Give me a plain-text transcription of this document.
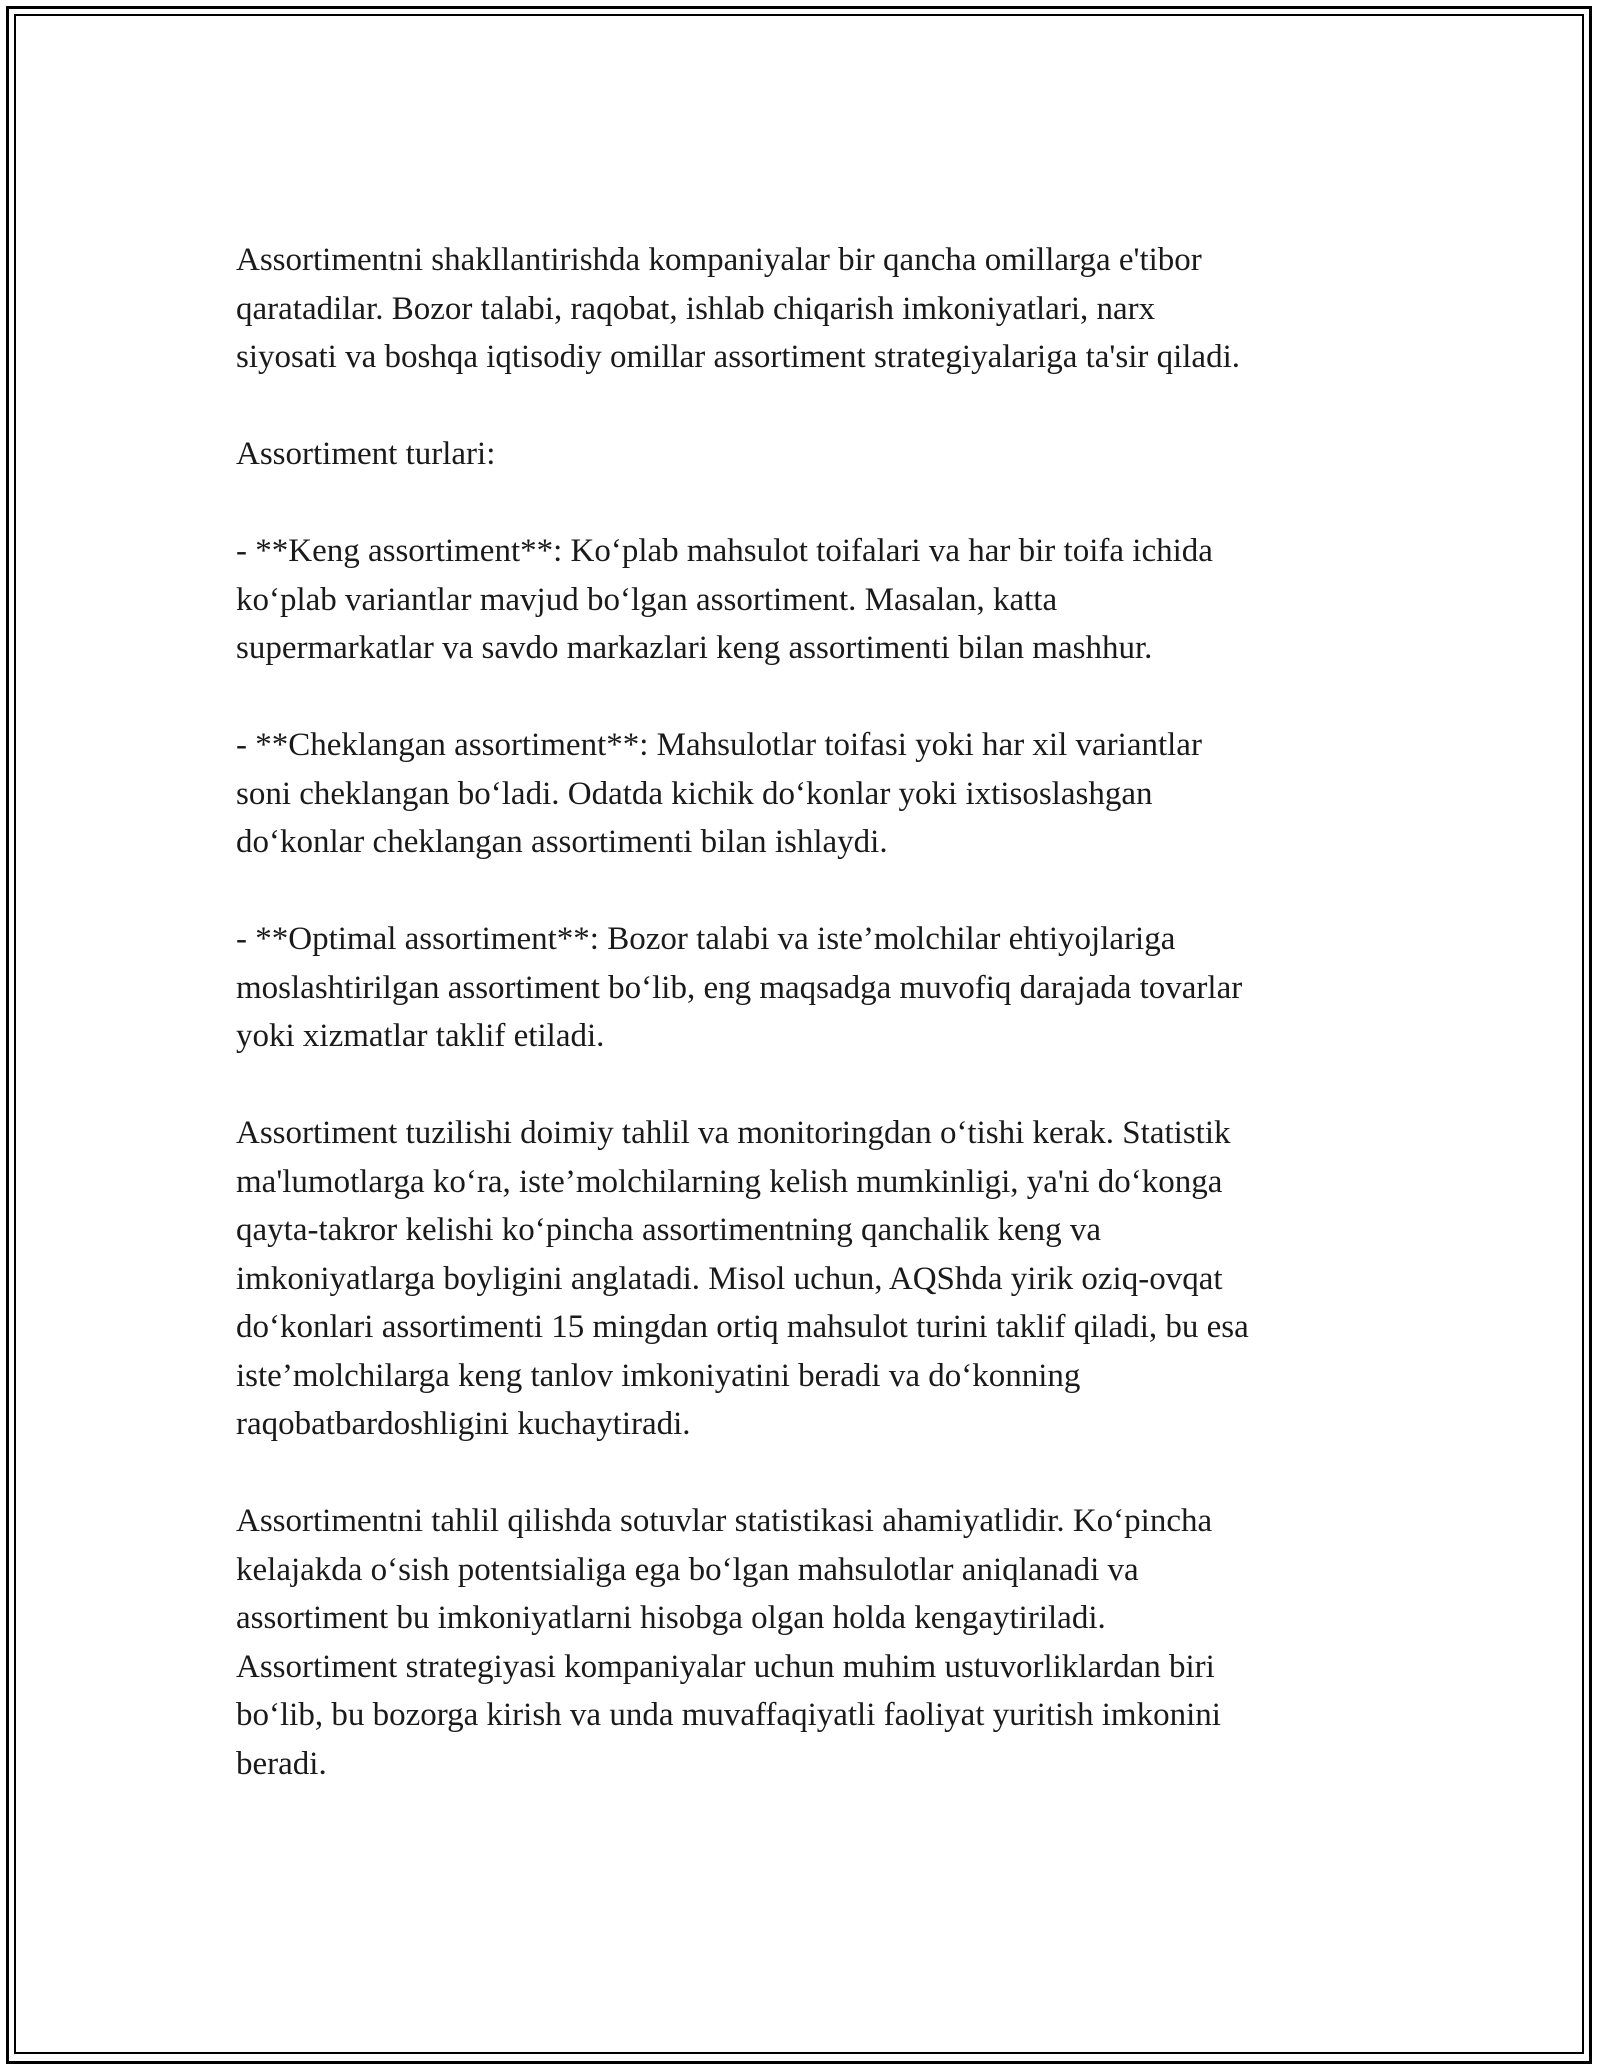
Assortimentni shakllantirishda kompaniyalar bir qancha omillarga e'tibor
qaratadilar. Bozor talabi, raqobat, ishlab chiqarish imkoniyatlari, narx
siyosati va boshqa iqtisodiy omillar assortiment strategiyalariga ta'sir qiladi.

Assortiment turlari:

- **Keng assortiment**: Ko‘plab mahsulot toifalari va har bir toifa ichida
ko‘plab variantlar mavjud bo‘lgan assortiment. Masalan, katta
supermarkatlar va savdo markazlari keng assortimenti bilan mashhur.

- **Cheklangan assortiment**: Mahsulotlar toifasi yoki har xil variantlar
soni cheklangan bo‘ladi. Odatda kichik do‘konlar yoki ixtisoslashgan
do‘konlar cheklangan assortimenti bilan ishlaydi.

- **Optimal assortiment**: Bozor talabi va iste’molchilar ehtiyojlariga
moslashtirilgan assortiment bo‘lib, eng maqsadga muvofiq darajada tovarlar
yoki xizmatlar taklif etiladi.

Assortiment tuzilishi doimiy tahlil va monitoringdan o‘tishi kerak. Statistik
ma'lumotlarga ko‘ra, iste’molchilarning kelish mumkinligi, ya'ni do‘konga
qayta-takror kelishi ko‘pincha assortimentning qanchalik keng va
imkoniyatlarga boyligini anglatadi. Misol uchun, AQShda yirik oziq-ovqat
do‘konlari assortimenti 15 mingdan ortiq mahsulot turini taklif qiladi, bu esa
iste’molchilarga keng tanlov imkoniyatini beradi va do‘konning
raqobatbardoshligini kuchaytiradi.

Assortimentni tahlil qilishda sotuvlar statistikasi ahamiyatlidir. Ko‘pincha
kelajakda o‘sish potentsialiga ega bo‘lgan mahsulotlar aniqlanadi va
assortiment bu imkoniyatlarni hisobga olgan holda kengaytiriladi.
Assortiment strategiyasi kompaniyalar uchun muhim ustuvorliklardan biri
bo‘lib, bu bozorga kirish va unda muvaffaqiyatli faoliyat yuritish imkonini
beradi.
